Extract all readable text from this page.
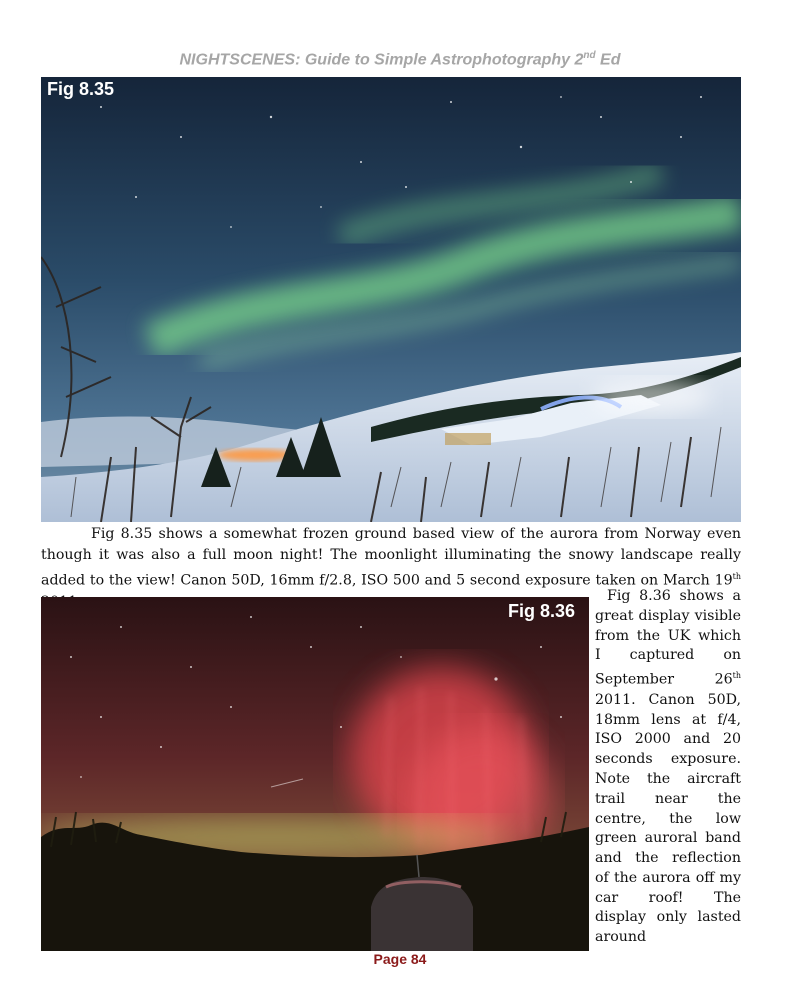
NIGHTSCENES: Guide to Simple Astrophotography 2nd Ed
Fig 8.35
Fig 8.35 shows a somewhat frozen ground based view of the aurora from Norway even though it was also a full moon night! The moonlight illuminating the snowy landscape really added to the view! Canon 50D, 16mm f/2.8, ISO 500 and 5 second exposure taken on March 19th
Fig 8.36
Fig 8.36 shows a great display visible from the UK which I captured on September 26th 2011. Canon 50D, 18mm lens at f/4, ISO 2000 and 20 seconds exposure. Note the aircraft trail near the centre, the low green auroral band and the reflection of the aurora off my car roof! The display only lasted around
Page 84
